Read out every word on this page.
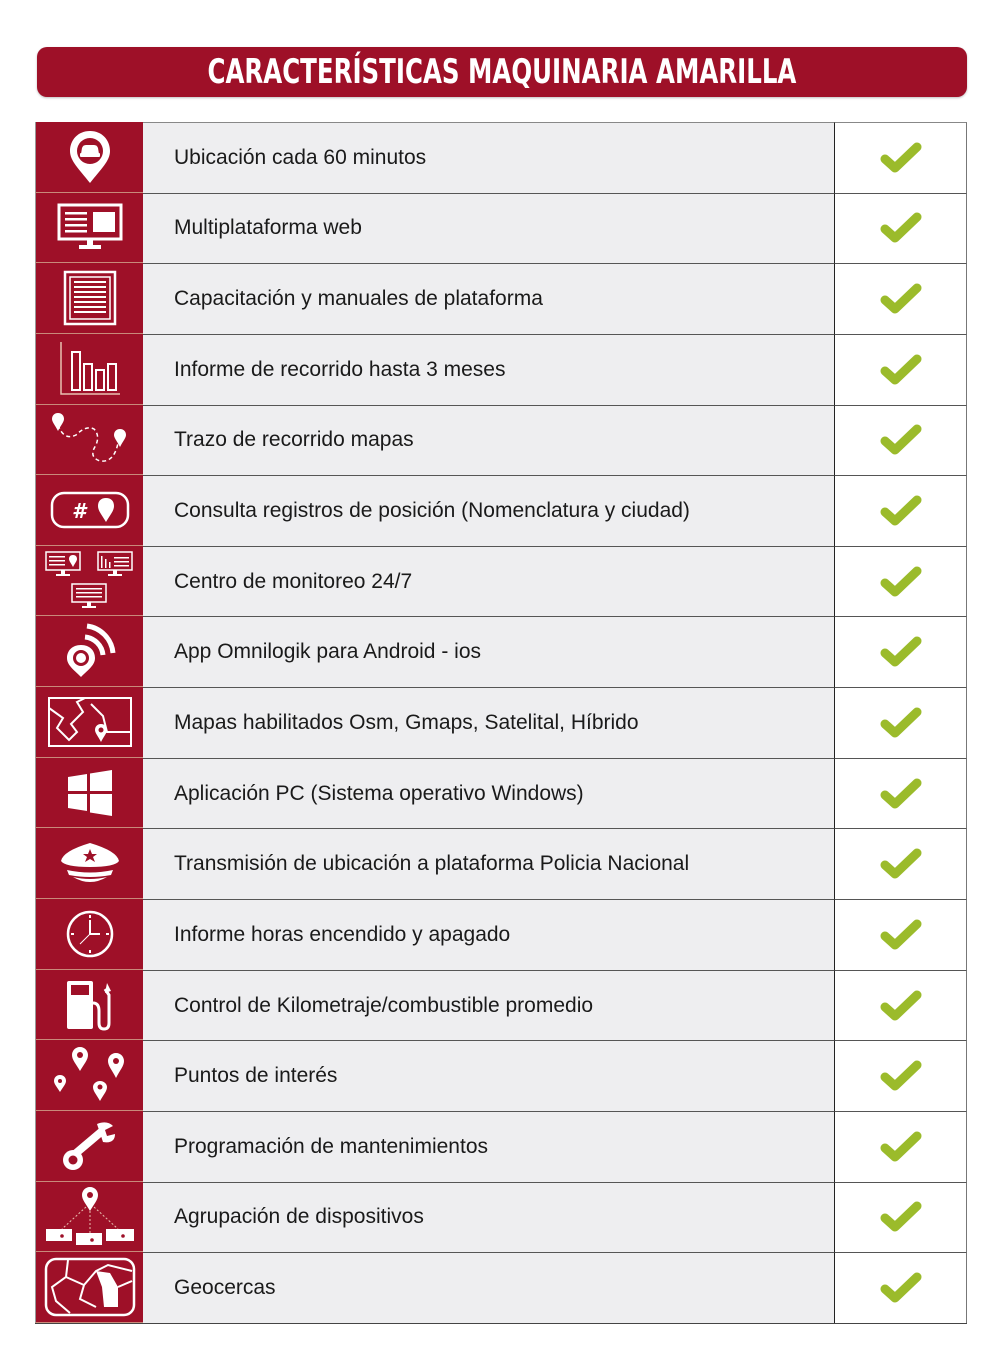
CARACTERÍSTICAS MAQUINARIA AMARILLA
Ubicación cada 60 minutos
Multiplataforma web
Capacitación y manuales de plataforma
Informe de recorrido hasta 3 meses
Trazo de recorrido mapas
#	Consulta registros de posición (Nomenclatura y ciudad)
Centro de monitoreo 24/7
App Omnilogik para Android - ios
Mapas habilitados Osm, Gmaps, Satelital, Híbrido
Aplicación PC (Sistema operativo Windows)
Transmisión de ubicación a plataforma Policia Nacional
Informe horas encendido y apagado
Control de Kilometraje/combustible promedio
Puntos de interés
Programación de mantenimientos
Agrupación de dispositivos
Geocercas
